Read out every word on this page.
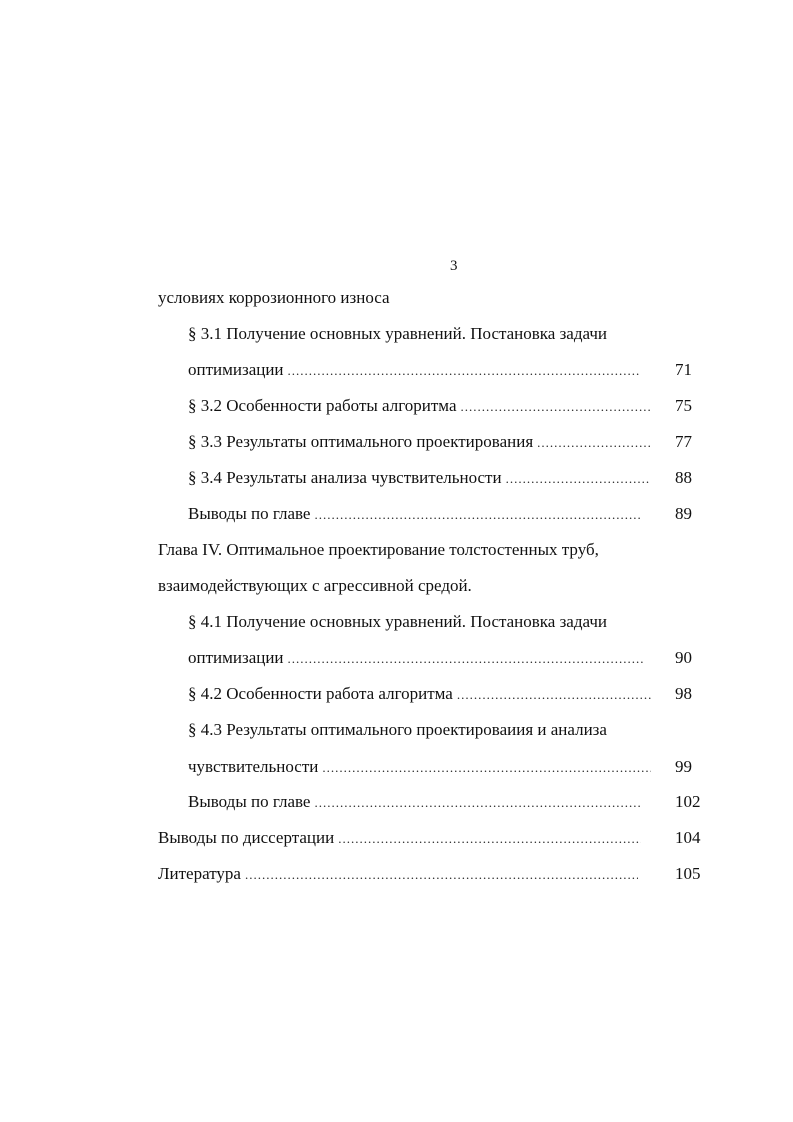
3
условиях коррозионного износа
§ 3.1 Получение основных уравнений. Постановка задачи
оптимизации .....	71
§ 3.2 Особенности работы алгоритма .....	75
§ 3.3 Результаты оптимального проектирования .....	77
§ 3.4 Результаты анализа чувствительности .....	88
Выводы по главе .....	89
Глава IV. Оптимальное проектирование толстостенных труб,
взаимодействующих с агрессивной средой.
§ 4.1 Получение основных уравнений. Постановка задачи
оптимизации .....	90
§ 4.2 Особенности работа алгоритма .....	98
§ 4.3 Результаты оптимального проектироваиия и анализа
чувствительности .....	99
Выводы по главе .....	102
Выводы по диссертации .....	104
Литература .....	105
